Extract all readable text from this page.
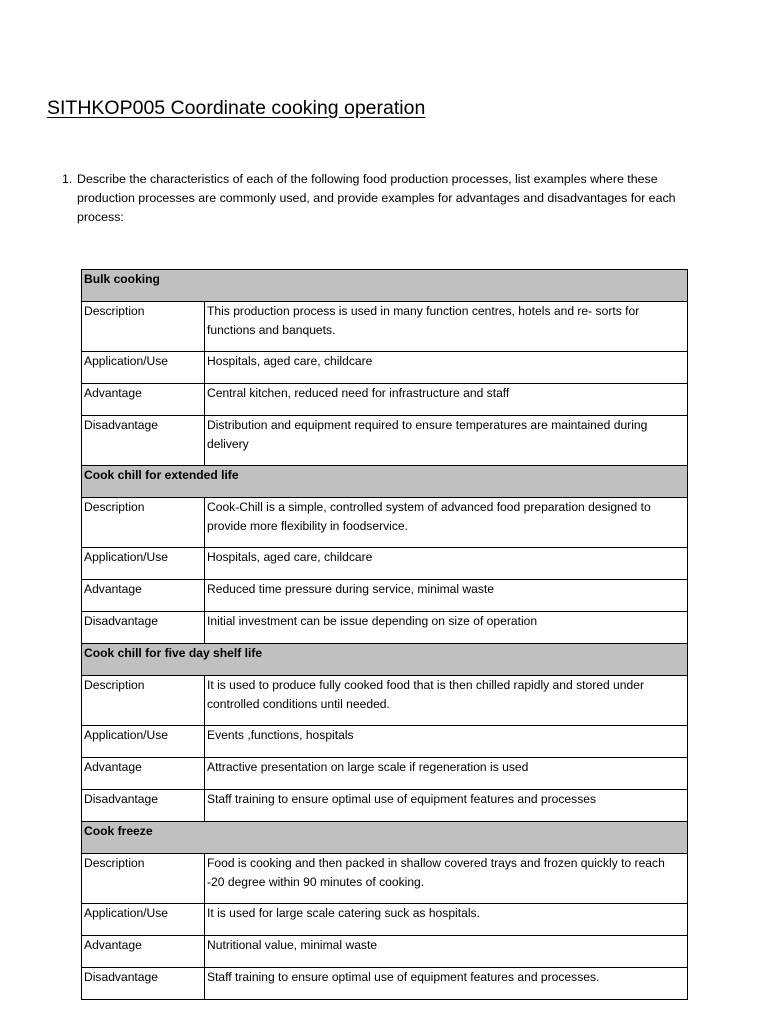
SITHKOP005 Coordinate cooking operation
1. Describe the characteristics of each of the following food production processes, list examples where these production processes are commonly used, and provide examples for advantages and disadvantages for each process:
Bulk cooking	
Description	This production process is used in many function centres, hotels and re- sorts for functions and banquets.
Application/Use	Hospitals, aged care, childcare
Advantage	Central kitchen, reduced need for infrastructure and staff
Disadvantage	Distribution and equipment required to ensure temperatures are maintained during delivery
Cook chill for extended life	
Description	Cook-Chill is a simple, controlled system of advanced food preparation designed to provide more flexibility in foodservice.
Application/Use	Hospitals, aged care, childcare
Advantage	Reduced time pressure during service, minimal waste
Disadvantage	Initial investment can be issue depending on size of operation
Cook chill for five day shelf life	
Description	It is used to produce fully cooked food that is then chilled rapidly and stored under controlled conditions until needed.
Application/Use	Events ,functions, hospitals
Advantage	Attractive presentation on large scale if regeneration is used
Disadvantage	Staff training to ensure optimal use of equipment features and processes
Cook freeze	
Description	Food is cooking and then packed in shallow covered trays and frozen quickly to reach -20 degree within 90 minutes of cooking.
Application/Use	It is used for large scale catering suck as hospitals.
Advantage	Nutritional value, minimal waste
Disadvantage	Staff training to ensure optimal use of equipment features and processes.
